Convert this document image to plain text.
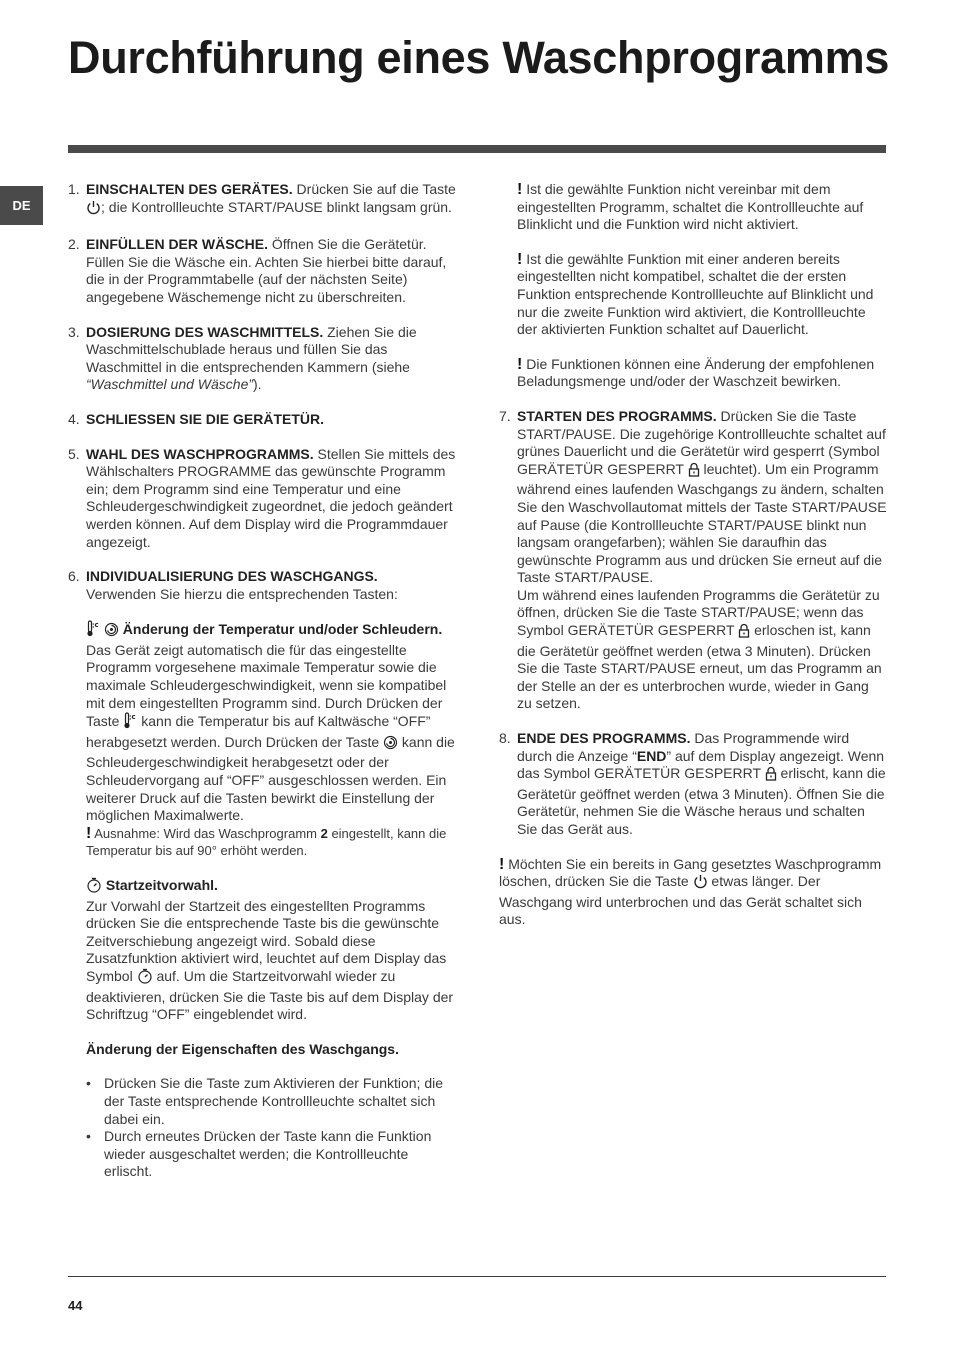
Durchführung eines Waschprogramms
DE
1. EINSCHALTEN DES GERÄTES. Drücken Sie auf die Taste ; die Kontrollleuchte START/PAUSE blinkt langsam grün.
2. EINFÜLLEN DER WÄSCHE. Öffnen Sie die Gerätetür. Füllen Sie die Wäsche ein. Achten Sie hierbei bitte darauf, die in der Programmtabelle (auf der nächsten Seite) angegebene Wäschemenge nicht zu überschreiten.
3. DOSIERUNG DES WASCHMITTELS. Ziehen Sie die Waschmittelschublade heraus und füllen Sie das Waschmittel in die entsprechenden Kammern (siehe “Waschmittel und Wäsche”).
4. SCHLIESSEN SIE DIE GERÄTETÜR.
5. WAHL DES WASCHPROGRAMMS. Stellen Sie mittels des Wählschalters PROGRAMME das gewünschte Programm ein; dem Programm sind eine Temperatur und eine Schleudergeschwindigkeit zugeordnet, die jedoch geändert werden können. Auf dem Display wird die Programmdauer angezeigt.
6. INDIVIDUALISIERUNG DES WASCHGANGS.
Verwenden Sie hierzu die entsprechenden Tasten:
c Änderung der Temperatur und/oder Schleudern. Das Gerät zeigt automatisch die für das eingestellte Programm vorgesehene maximale Temperatur sowie die maximale Schleudergeschwindigkeit, wenn sie kompatibel mit dem eingestellten Programm sind. Durch Drücken der Taste c kann die Temperatur bis auf Kaltwäsche “OFF” herabgesetzt werden. Durch Drücken der Taste  kann die Schleudergeschwindigkeit herabgesetzt oder der Schleudervorgang auf “OFF” ausgeschlossen werden. Ein weiterer Druck auf die Tasten bewirkt die Einstellung der möglichen Maximalwerte.
! Ausnahme: Wird das Waschprogramm 2 eingestellt, kann die Temperatur bis auf 90° erhöht werden.
Startzeitvorwahl.
Zur Vorwahl der Startzeit des eingestellten Programms drücken Sie die entsprechende Taste bis die gewünschte Zeitverschiebung angezeigt wird. Sobald diese Zusatzfunktion aktiviert wird, leuchtet auf dem Display das Symbol  auf. Um die Startzeitvorwahl wieder zu deaktivieren, drücken Sie die Taste bis auf dem Display der Schriftzug “OFF” eingeblendet wird.
Änderung der Eigenschaften des Waschgangs.
• Drücken Sie die Taste zum Aktivieren der Funktion; die der Taste entsprechende Kontrollleuchte schaltet sich dabei ein.
• Durch erneutes Drücken der Taste kann die Funktion wieder ausgeschaltet werden; die Kontrollleuchte erlischt.
! Ist die gewählte Funktion nicht vereinbar mit dem eingestellten Programm, schaltet die Kontrollleuchte auf Blinklicht und die Funktion wird nicht aktiviert.
! Ist die gewählte Funktion mit einer anderen bereits eingestellten nicht kompatibel, schaltet die der ersten Funktion entsprechende Kontrollleuchte auf Blinklicht und nur die zweite Funktion wird aktiviert, die Kontrollleuchte der aktivierten Funktion schaltet auf Dauerlicht.
! Die Funktionen können eine Änderung der empfohlenen Beladungsmenge und/oder der Waschzeit bewirken.
7. STARTEN DES PROGRAMMS. Drücken Sie die Taste START/PAUSE. Die zugehörige Kontrollleuchte schaltet auf grünes Dauerlicht und die Gerätetür wird gesperrt (Symbol GERÄTETÜR GESPERRT  leuchtet). Um ein Programm während eines laufenden Waschgangs zu ändern, schalten Sie den Waschvollautomat mittels der Taste START/PAUSE auf Pause (die Kontrollleuchte START/PAUSE blinkt nun langsam orangefarben); wählen Sie daraufhin das gewünschte Programm aus und drücken Sie erneut auf die Taste START/PAUSE.
Um während eines laufenden Programms die Gerätetür zu öffnen, drücken Sie die Taste START/PAUSE; wenn das Symbol GERÄTETÜR GESPERRT  erloschen ist, kann die Gerätetür geöffnet werden (etwa 3 Minuten). Drücken Sie die Taste START/PAUSE erneut, um das Programm an der Stelle an der es unterbrochen wurde, wieder in Gang zu setzen.
8. ENDE DES PROGRAMMS. Das Programmende wird durch die Anzeige “END” auf dem Display angezeigt. Wenn das Symbol GERÄTETÜR GESPERRT  erlischt, kann die Gerätetür geöffnet werden (etwa 3 Minuten). Öffnen Sie die Gerätetür, nehmen Sie die Wäsche heraus und schalten Sie das Gerät aus.
! Möchten Sie ein bereits in Gang gesetztes Waschprogramm löschen, drücken Sie die Taste  etwas länger. Der Waschgang wird unterbrochen und das Gerät schaltet sich aus.
44
